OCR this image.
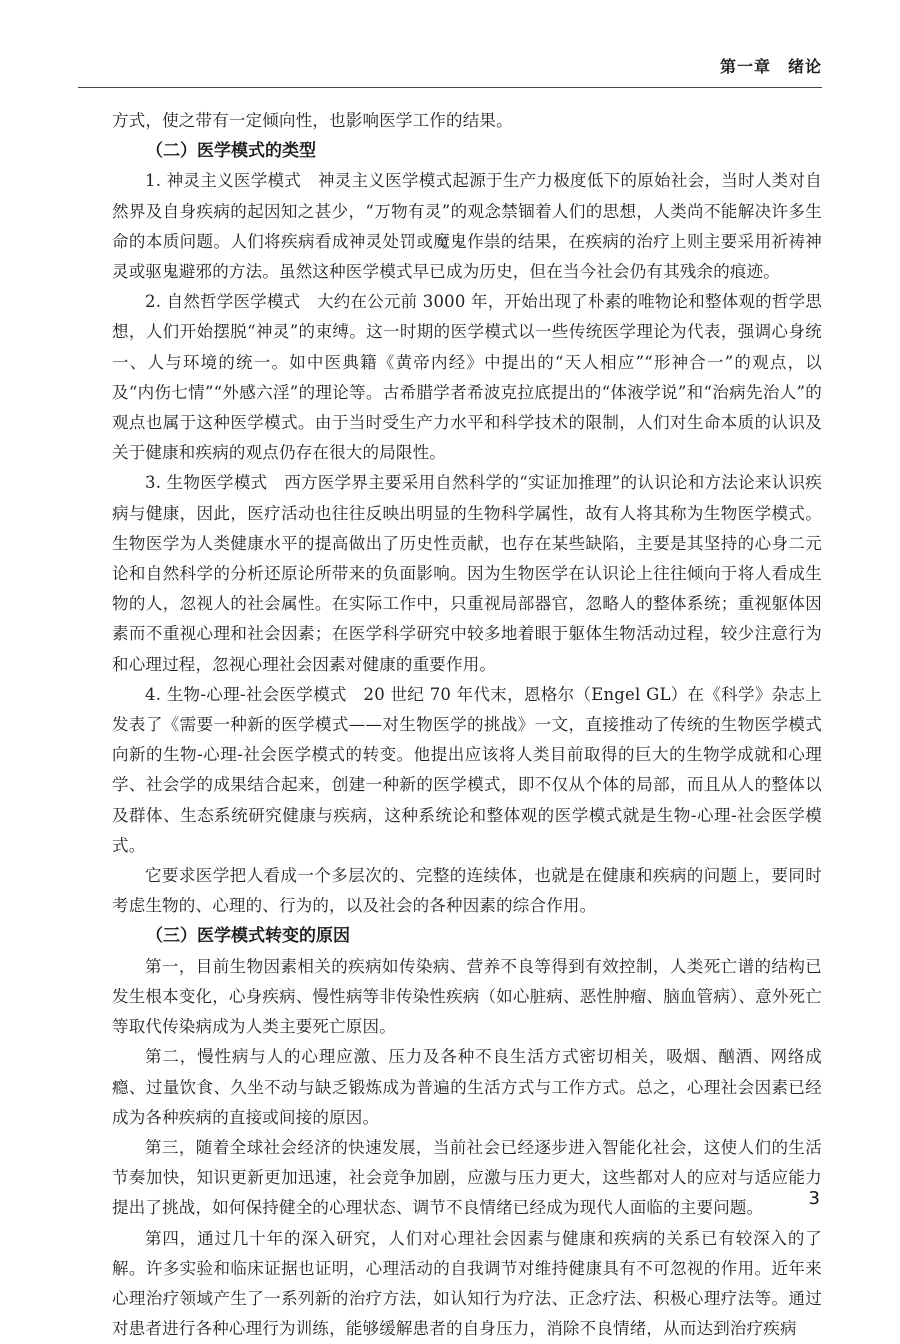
第一章　绪论

方式，使之带有一定倾向性，也影响医学工作的结果。

（二）医学模式的类型

1. 神灵主义医学模式　神灵主义医学模式起源于生产力极度低下的原始社会，当时人类对自然界及自身疾病的起因知之甚少，“万物有灵”的观念禁锢着人们的思想，人类尚不能解决许多生命的本质问题。人们将疾病看成神灵处罚或魔鬼作祟的结果，在疾病的治疗上则主要采用祈祷神灵或驱鬼避邪的方法。虽然这种医学模式早已成为历史，但在当今社会仍有其残余的痕迹。

2. 自然哲学医学模式　大约在公元前 3000 年，开始出现了朴素的唯物论和整体观的哲学思想，人们开始摆脱“神灵”的束缚。这一时期的医学模式以一些传统医学理论为代表，强调心身统一、人与环境的统一。如中医典籍《黄帝内经》中提出的“天人相应”“形神合一”的观点，以及“内伤七情”“外感六淫”的理论等。古希腊学者希波克拉底提出的“体液学说”和“治病先治人”的观点也属于这种医学模式。由于当时受生产力水平和科学技术的限制，人们对生命本质的认识及关于健康和疾病的观点仍存在很大的局限性。

3. 生物医学模式　西方医学界主要采用自然科学的“实证加推理”的认识论和方法论来认识疾病与健康，因此，医疗活动也往往反映出明显的生物科学属性，故有人将其称为生物医学模式。生物医学为人类健康水平的提高做出了历史性贡献，也存在某些缺陷，主要是其坚持的心身二元论和自然科学的分析还原论所带来的负面影响。因为生物医学在认识论上往往倾向于将人看成生物的人，忽视人的社会属性。在实际工作中，只重视局部器官，忽略人的整体系统；重视躯体因素而不重视心理和社会因素；在医学科学研究中较多地着眼于躯体生物活动过程，较少注意行为和心理过程，忽视心理社会因素对健康的重要作用。

4. 生物-心理-社会医学模式　20 世纪 70 年代末，恩格尔（Engel GL）在《科学》杂志上发表了《需要一种新的医学模式——对生物医学的挑战》一文，直接推动了传统的生物医学模式向新的生物-心理-社会医学模式的转变。他提出应该将人类目前取得的巨大的生物学成就和心理学、社会学的成果结合起来，创建一种新的医学模式，即不仅从个体的局部，而且从人的整体以及群体、生态系统研究健康与疾病，这种系统论和整体观的医学模式就是生物-心理-社会医学模式。

它要求医学把人看成一个多层次的、完整的连续体，也就是在健康和疾病的问题上，要同时考虑生物的、心理的、行为的，以及社会的各种因素的综合作用。

（三）医学模式转变的原因

第一，目前生物因素相关的疾病如传染病、营养不良等得到有效控制，人类死亡谱的结构已发生根本变化，心身疾病、慢性病等非传染性疾病（如心脏病、恶性肿瘤、脑血管病）、意外死亡等取代传染病成为人类主要死亡原因。

第二，慢性病与人的心理应激、压力及各种不良生活方式密切相关，吸烟、酗酒、网络成瘾、过量饮食、久坐不动与缺乏锻炼成为普遍的生活方式与工作方式。总之，心理社会因素已经成为各种疾病的直接或间接的原因。

第三，随着全球社会经济的快速发展，当前社会已经逐步进入智能化社会，这使人们的生活节奏加快，知识更新更加迅速，社会竞争加剧，应激与压力更大，这些都对人的应对与适应能力提出了挑战，如何保持健全的心理状态、调节不良情绪已经成为现代人面临的主要问题。

第四，通过几十年的深入研究，人们对心理社会因素与健康和疾病的关系已有较深入的了解。许多实验和临床证据也证明，心理活动的自我调节对维持健康具有不可忽视的作用。近年来心理治疗领域产生了一系列新的治疗方法，如认知行为疗法、正念疗法、积极心理疗法等。通过对患者进行各种心理行为训练，能够缓解患者的自身压力，消除不良情绪，从而达到治疗疾病

3
